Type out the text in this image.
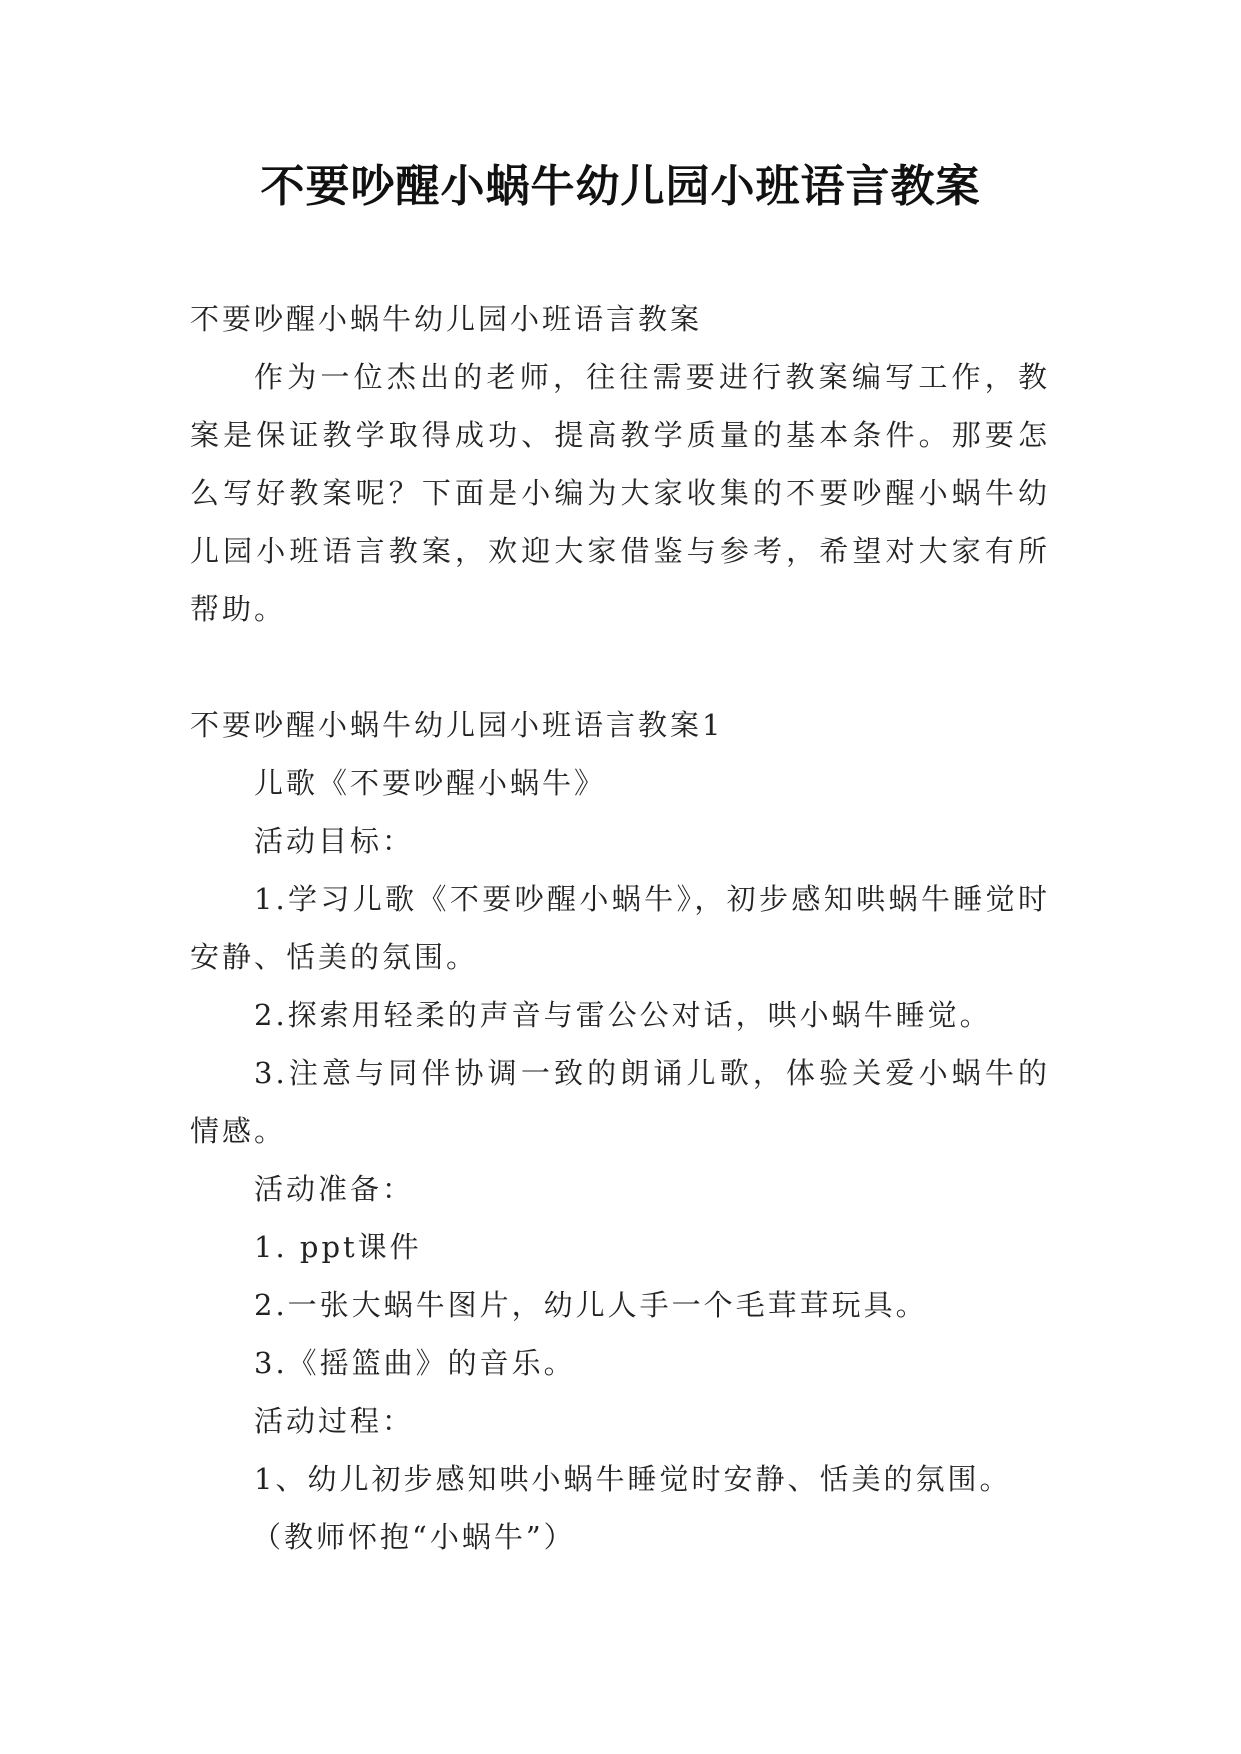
不要吵醒小蜗牛幼儿园小班语言教案

不要吵醒小蜗牛幼儿园小班语言教案

作为一位杰出的老师，往往需要进行教案编写工作，教案是保证教学取得成功、提高教学质量的基本条件。那要怎么写好教案呢？下面是小编为大家收集的不要吵醒小蜗牛幼儿园小班语言教案，欢迎大家借鉴与参考，希望对大家有所帮助。

不要吵醒小蜗牛幼儿园小班语言教案1

儿歌《不要吵醒小蜗牛》

活动目标：

1.学习儿歌《不要吵醒小蜗牛》，初步感知哄蜗牛睡觉时安静、恬美的氛围。

2.探索用轻柔的声音与雷公公对话，哄小蜗牛睡觉。

3.注意与同伴协调一致的朗诵儿歌，体验关爱小蜗牛的情感。

活动准备：

1. ppt课件

2.一张大蜗牛图片，幼儿人手一个毛茸茸玩具。

3.《摇篮曲》的音乐。

活动过程：

1、幼儿初步感知哄小蜗牛睡觉时安静、恬美的氛围。

（教师怀抱“小蜗牛”）
